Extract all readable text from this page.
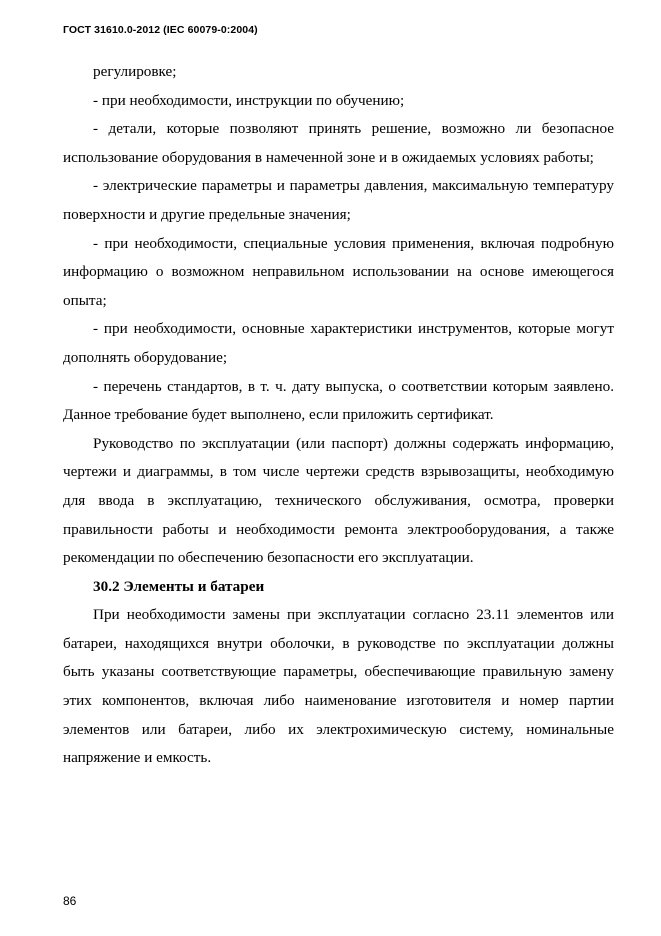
ГОСТ 31610.0-2012 (IEC 60079-0:2004)

регулировке;

- при необходимости, инструкции по обучению;

- детали, которые позволяют принять решение, возможно ли безопасное использование оборудования в намеченной зоне и в ожидаемых условиях работы;

- электрические параметры и параметры давления, максимальную температуру поверхности и другие предельные значения;

- при необходимости, специальные условия применения, включая подробную информацию о возможном неправильном использовании на основе имеющегося опыта;

- при необходимости, основные характеристики инструментов, которые могут дополнять оборудование;

- перечень стандартов, в т. ч. дату выпуска, о соответствии которым заявлено. Данное требование будет выполнено, если приложить сертификат.

Руководство по эксплуатации (или паспорт) должны содержать информацию, чертежи и диаграммы, в том числе чертежи средств взрывозащиты, необходимую для ввода в эксплуатацию, технического обслуживания, осмотра, проверки правильности работы и необходимости ремонта электрооборудования, а также рекомендации по обеспечению безопасности его эксплуатации.

30.2 Элементы и батареи

При необходимости замены при эксплуатации согласно 23.11 элементов или батареи, находящихся внутри оболочки, в руководстве по эксплуатации должны быть указаны соответствующие параметры, обеспечивающие правильную замену этих компонентов, включая либо наименование изготовителя и номер партии элементов или батареи, либо их электрохимическую систему, номинальные напряжение и емкость.

86
